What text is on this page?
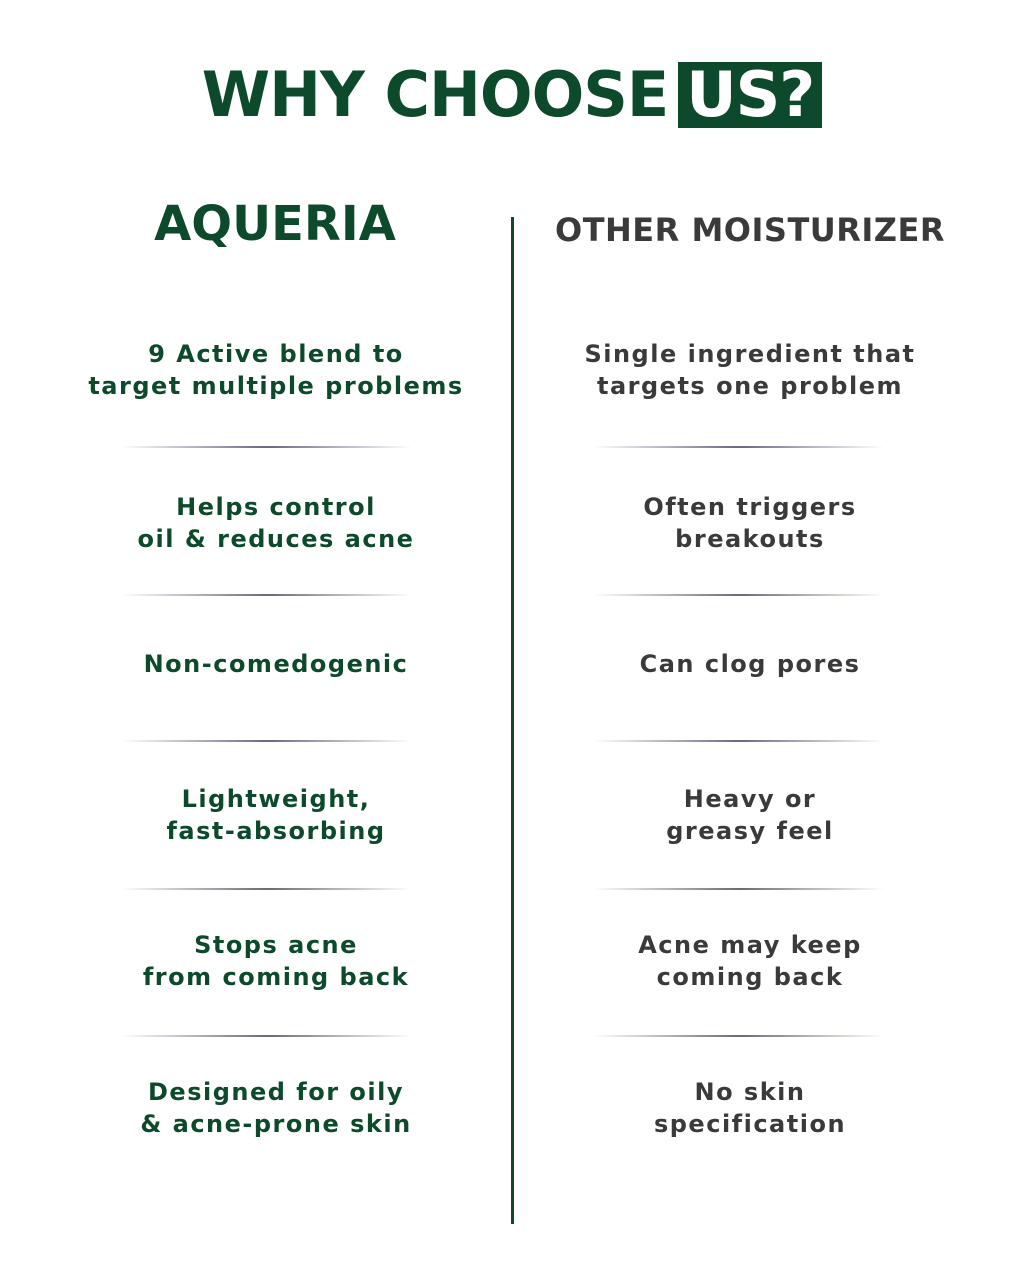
WHY CHOOSE US?
AQUERIA	OTHER MOISTURIZER
9 Active blend to
target multiple problems
Single ingredient that
targets one problem
Helps control
oil & reduces acne
Often triggers
breakouts
Non-comedogenic	Can clog pores
Lightweight,
fast-absorbing
Heavy or
greasy feel
Stops acne
from coming back
Acne may keep
coming back
Designed for oily
& acne-prone skin
No skin
specification
